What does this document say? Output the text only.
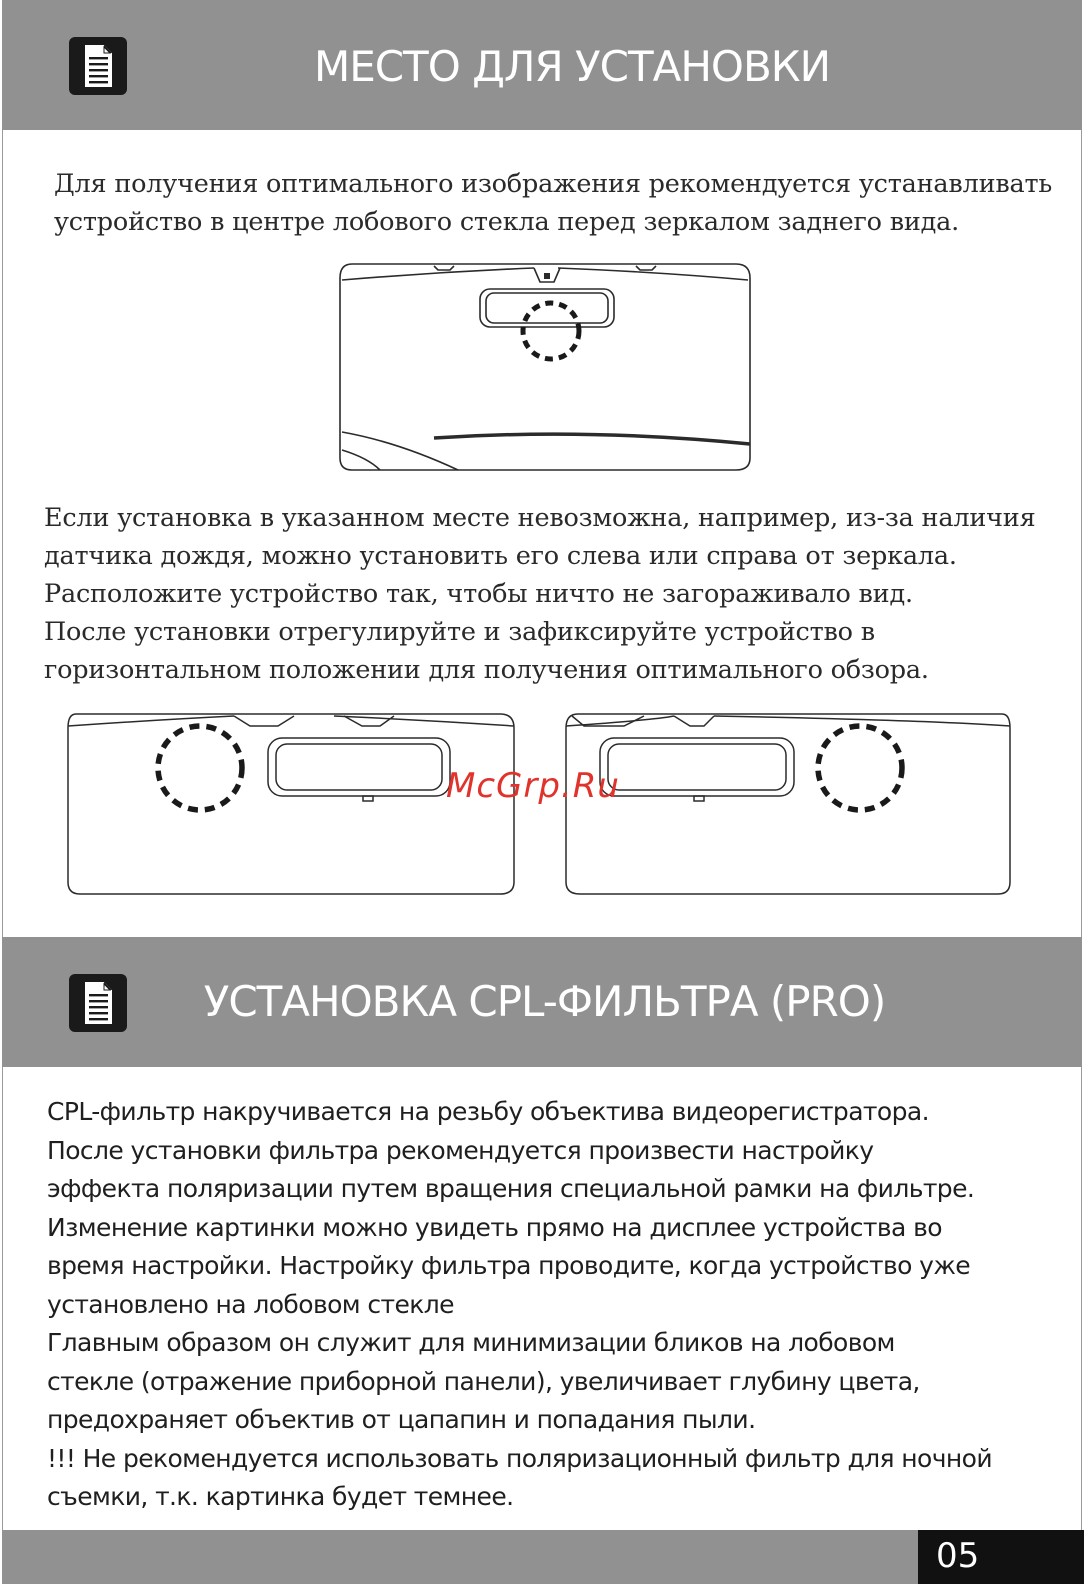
МЕСТО ДЛЯ УСТАНОВКИ
Для получения оптимального изображения рекомендуется устанавливать
устройство в центре лобового стекла перед зеркалом заднего вида.
Если установка в указанном месте невозможна, например, из-за наличия
датчика дождя, можно установить его слева или справа от зеркала.
Расположите устройство так, чтобы ничто не загораживало вид.
После установки отрегулируйте и зафиксируйте устройство в
горизонтальном положении для получения оптимального обзора.
McGrp.Ru
УСТАНОВКА CPL-ФИЛЬТРА (PRO)
CPL-фильтр накручивается на резьбу объектива видеорегистратора.
После установки фильтра рекомендуется произвести настройку
эффекта поляризации путем вращения специальной рамки на фильтре.
Изменение картинки можно увидеть прямо на дисплее устройства во
время настройки. Настройку фильтра проводите, когда устройство уже
установлено на лобовом стекле
Главным образом он служит для минимизации бликов на лобовом
стекле (отражение приборной панели), увеличивает глубину цвета,
предохраняет объектив от цапапин и попадания пыли.
!!! Не рекомендуется использовать поляризационный фильтр для ночной
съемки, т.к. картинка будет темнее.
05
